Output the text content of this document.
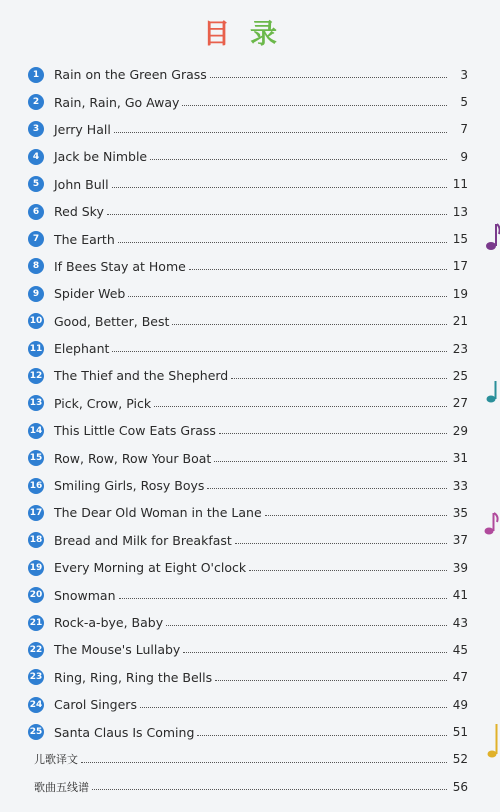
目录
1	Rain on the Green Grass	3
2	Rain, Rain, Go Away	5
3	Jerry Hall	7
4	Jack be Nimble	9
5	John Bull	11
6	Red Sky	13
7	The Earth	15
8	If Bees Stay at Home	17
9	Spider Web	19
10 Good, Better, Best	21
11 Elephant	23
12 The Thief and the Shepherd	25
13 Pick, Crow, Pick	27
14 This Little Cow Eats Grass	29
15 Row, Row, Row Your Boat	31
16 Smiling Girls, Rosy Boys	33
17 The Dear Old Woman in the Lane	35
18 Bread and Milk for Breakfast	37
19 Every Morning at Eight O'clock	39
20 Snowman	41
21 Rock-a-bye, Baby	43
22 The Mouse's Lullaby	45
23 Ring, Ring, Ring the Bells	47
24 Carol Singers	49
25 Santa Claus Is Coming	51
儿歌译文	52
歌曲五线谱	56
